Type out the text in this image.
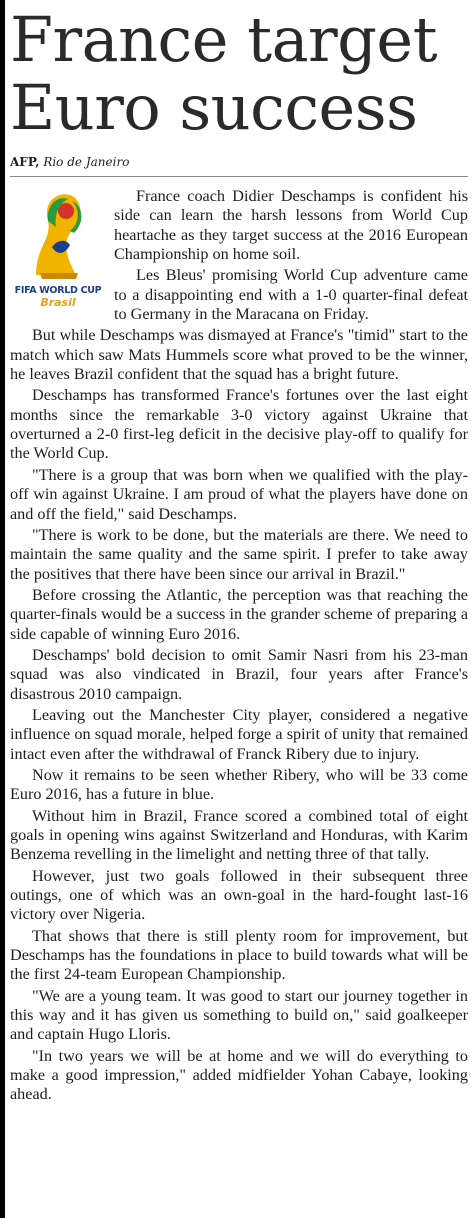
France target Euro success
AFP, Rio de Janeiro
FIFA WORLD CUP
Brasil

France coach Didier Deschamps is confident his side can learn the harsh lessons from World Cup heartache as they target success at the 2016 European Championship on home soil.

Les Bleus' promising World Cup adventure came to a disappointing end with a 1-0 quarter-final defeat to Germany in the Maracana on Friday.

But while Deschamps was dismayed at France's "timid" start to the match which saw Mats Hummels score what proved to be the winner, he leaves Brazil confident that the squad has a bright future.

Deschamps has transformed France's fortunes over the last eight months since the remarkable 3-0 victory against Ukraine that overturned a 2-0 first-leg deficit in the decisive play-off to qualify for the World Cup.

"There is a group that was born when we qualified with the play-off win against Ukraine. I am proud of what the players have done on and off the field," said Deschamps.

"There is work to be done, but the materials are there. We need to maintain the same quality and the same spirit. I prefer to take away the positives that there have been since our arrival in Brazil."

Before crossing the Atlantic, the perception was that reaching the quarter-finals would be a success in the grander scheme of preparing a side capable of winning Euro 2016.

Deschamps' bold decision to omit Samir Nasri from his 23-man squad was also vindicated in Brazil, four years after France's disastrous 2010 campaign.

Leaving out the Manchester City player, considered a negative influence on squad morale, helped forge a spirit of unity that remained intact even after the withdrawal of Franck Ribery due to injury.

Now it remains to be seen whether Ribery, who will be 33 come Euro 2016, has a future in blue.

Without him in Brazil, France scored a combined total of eight goals in opening wins against Switzerland and Honduras, with Karim Benzema revelling in the limelight and netting three of that tally.

However, just two goals followed in their subsequent three outings, one of which was an own-goal in the hard-fought last-16 victory over Nigeria.

That shows that there is still plenty room for improvement, but Deschamps has the foundations in place to build towards what will be the first 24-team European Championship.

"We are a young team. It was good to start our journey together in this way and it has given us something to build on," said goalkeeper and captain Hugo Lloris.

"In two years we will be at home and we will do everything to make a good impression," added midfielder Yohan Cabaye, looking ahead.
